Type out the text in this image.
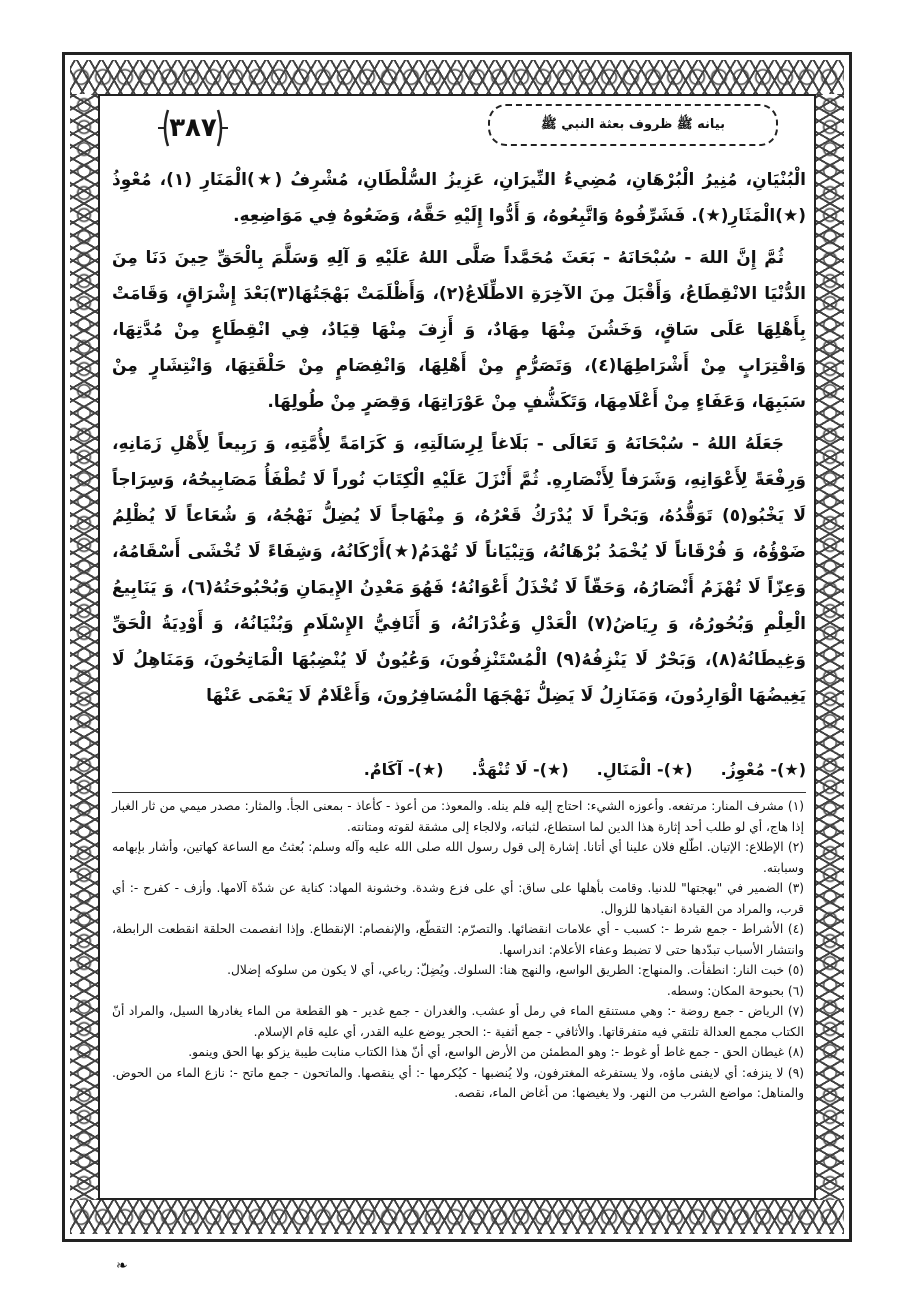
٣٨٧	بيانه ﷺ ظروف بعثة النبي ﷺ

الْبُنْيَانِ، مُنِيرُ الْبُرْهَانِ، مُضِيءُ النِّيرَانِ، عَزِيزُ السُّلْطَانِ، مُشْرِفُ (★)الْمَنَارِ (١)، مُعْوِذُ (★)الْمَثَارِ(★). فَشَرِّفُوهُ وَاتَّبِعُوهُ، وَ أَدُّوا إِلَيْهِ حَقَّهُ، وَضَعُوهُ فِي مَوَاضِعِهِ.

ثُمَّ إِنَّ اللهَ - سُبْحَانَهُ - بَعَثَ مُحَمَّداً صَلَّى اللهُ عَلَيْهِ وَ آلِهِ وَسَلَّمَ بِالْحَقِّ حِينَ دَنَا مِنَ الدُّنْيَا الانْقِطَاعُ، وَأَقْبَلَ مِنَ الآخِرَةِ الاطِّلَاعُ(٢)، وَأَظْلَمَتْ بَهْجَتُهَا(٣)بَعْدَ إِشْرَاقٍ، وَقَامَتْ بِأَهْلِهَا عَلَى سَاقٍ، وَخَشُنَ مِنْهَا مِهَادٌ، وَ أَزِفَ مِنْهَا قِيَادٌ، فِي انْقِطَاعٍ مِنْ مُدَّتِهَا، وَاقْتِرَابٍ مِنْ أَشْرَاطِهَا(٤)، وَتَصَرُّمٍ مِنْ أَهْلِهَا، وَانْفِصَامٍ مِنْ حَلْقَتِهَا، وَانْتِشَارٍ مِنْ سَبَبِهَا، وَعَفَاءٍ مِنْ أَعْلَامِهَا، وَتَكَشُّفٍ مِنْ عَوْرَاتِهَا، وَقِصَرٍ مِنْ طُولِهَا.

جَعَلَهُ اللهُ - سُبْحَانَهُ وَ تَعَالَى - بَلَاغاً لِرِسَالَتِهِ، وَ كَرَامَةً لِأُمَّتِهِ، وَ رَبِيعاً لِأَهْلِ زَمَانِهِ، وَرِفْعَةً لِأَعْوَانِهِ، وَشَرَفاً لِأَنْصَارِهِ. ثُمَّ أَنْزَلَ عَلَيْهِ الْكِتَابَ نُوراً لَا تُطْفَأُ مَصَابِيحُهُ، وَسِرَاجاً لَا يَخْبُو(٥) تَوَقُّدُهُ، وَبَحْراً لَا يُدْرَكُ قَعْرُهُ، وَ مِنْهَاجاً لَا يُضِلُّ نَهْجُهُ، وَ شُعَاعاً لَا يُظْلِمُ ضَوْؤُهُ، وَ فُرْقَاناً لَا يُخْمَدُ بُرْهَانُهُ، وَتِبْيَاناً لَا تُهْدَمُ(★)أَرْكَانُهُ، وَشِفَاءً لَا تُخْشَى أَسْقَامُهُ، وَعِزّاً لَا تُهْزَمُ أَنْصَارُهُ، وَحَقّاً لَا تُخْذَلُ أَعْوَانُهُ؛ فَهُوَ مَعْدِنُ الإِيمَانِ وَبُحْبُوحَتُهُ(٦)، وَ يَنَابِيعُ الْعِلْمِ وَبُحُورُهُ، وَ رِيَاضُ(٧) الْعَدْلِ وَغُدْرَانُهُ، وَ أَثَافِيُّ الإِسْلَامِ وَبُنْيَانُهُ، وَ أَوْدِيَةُ الْحَقِّ وَغِيطَانُهُ(٨)، وَبَحْرٌ لَا يَنْزِفُهُ(٩) الْمُسْتَنْزِفُونَ، وَعُيُونٌ لَا يُنْضِبُهَا الْمَاتِحُونَ، وَمَنَاهِلُ لَا يَغِيضُهَا الْوَارِدُونَ، وَمَنَازِلُ لَا يَضِلُّ نَهْجَهَا الْمُسَافِرُونَ، وَأَعْلَامٌ لَا يَعْمَى عَنْهَا

(★)- مُعْوِزُ.
(★)- الْمَنَالِ.
(★)- لَا تُنْهَدُّ.
(★)- آكَامٌ.

(١) مشرف المنار: مرتفعه. وأعوزه الشيء: احتاج إليه فلم ينله. والمعوذ: من أعوذ - كأعاذ - بمعنى الجأ. والمثار: مصدر ميمي من ثار الغبار إذا هاج، أي لو طلب أحد إثارة هذا الدين لما استطاع، لثباته، ولالجاء إلى مشقة لقوته ومتانته.

(٢) الإطلاع: الإتيان. اطّلع فلان علينا أي أتانا. إشارة إلى قول رسول الله صلى الله عليه وآله وسلم: بُعثتُ مع الساعة كهاتين، وأشار بإبهامه وسبابته.

(٣) الضمير في "بهجتها" للدنيا. وقامت بأهلها على ساق: أي على فزع وشدة. وخشونة المهاد: كناية عن شدّة آلامها. وأزف - كفرح -: أي قرب، والمراد من القيادة انقيادها للزوال.

(٤) الأشراط - جمع شرط -: كسبب - أي علامات انقضائها. والتصرّم: التقطّع، والإنفصام: الإنقطاع. وإذا انفصمت الحلقة انقطعت الرابطة، وانتشار الأسباب تبدّدها حتى لا تضبط وعفاء الأعلام: اندراسها.

(٥) خبت النار: انطفأت. والمنهاج: الطريق الواسع، والنهج هنا: السلوك. ويُضِلّ: رباعي، أي لا يكون من سلوكه إضلال.

(٦) بحبوحة المكان: وسطه.

(٧) الرياض - جمع روضة -: وهي مستنقع الماء في رمل أو عشب. والغدران - جمع غدير - هو القطعة من الماء يغادرها السيل، والمراد أنّ الكتاب مجمع العدالة تلتقي فيه متفرقاتها. والأثافي - جمع أثفية -: الحجر يوضع عليه القدر، أي عليه قام الإسلام.

(٨) غيطان الحق - جمع غاط أو غوط -: وهو المطمئن من الأرض الواسع، أي أنّ هذا الكتاب منابت طيبة يزكو بها الحق وينمو.

(٩) لا ينزفه: أي لايفنى ماؤه، ولا يستفرغه المغترفون، ولا يُنضبها - كيُكرمها -: أي ينقصها. والماتحون - جمع ماتح -: نازع الماء من الحوض. والمناهل: مواضع الشرب من النهر. ولا يغيضها: من أغاض الماء، نقصه.

❧
